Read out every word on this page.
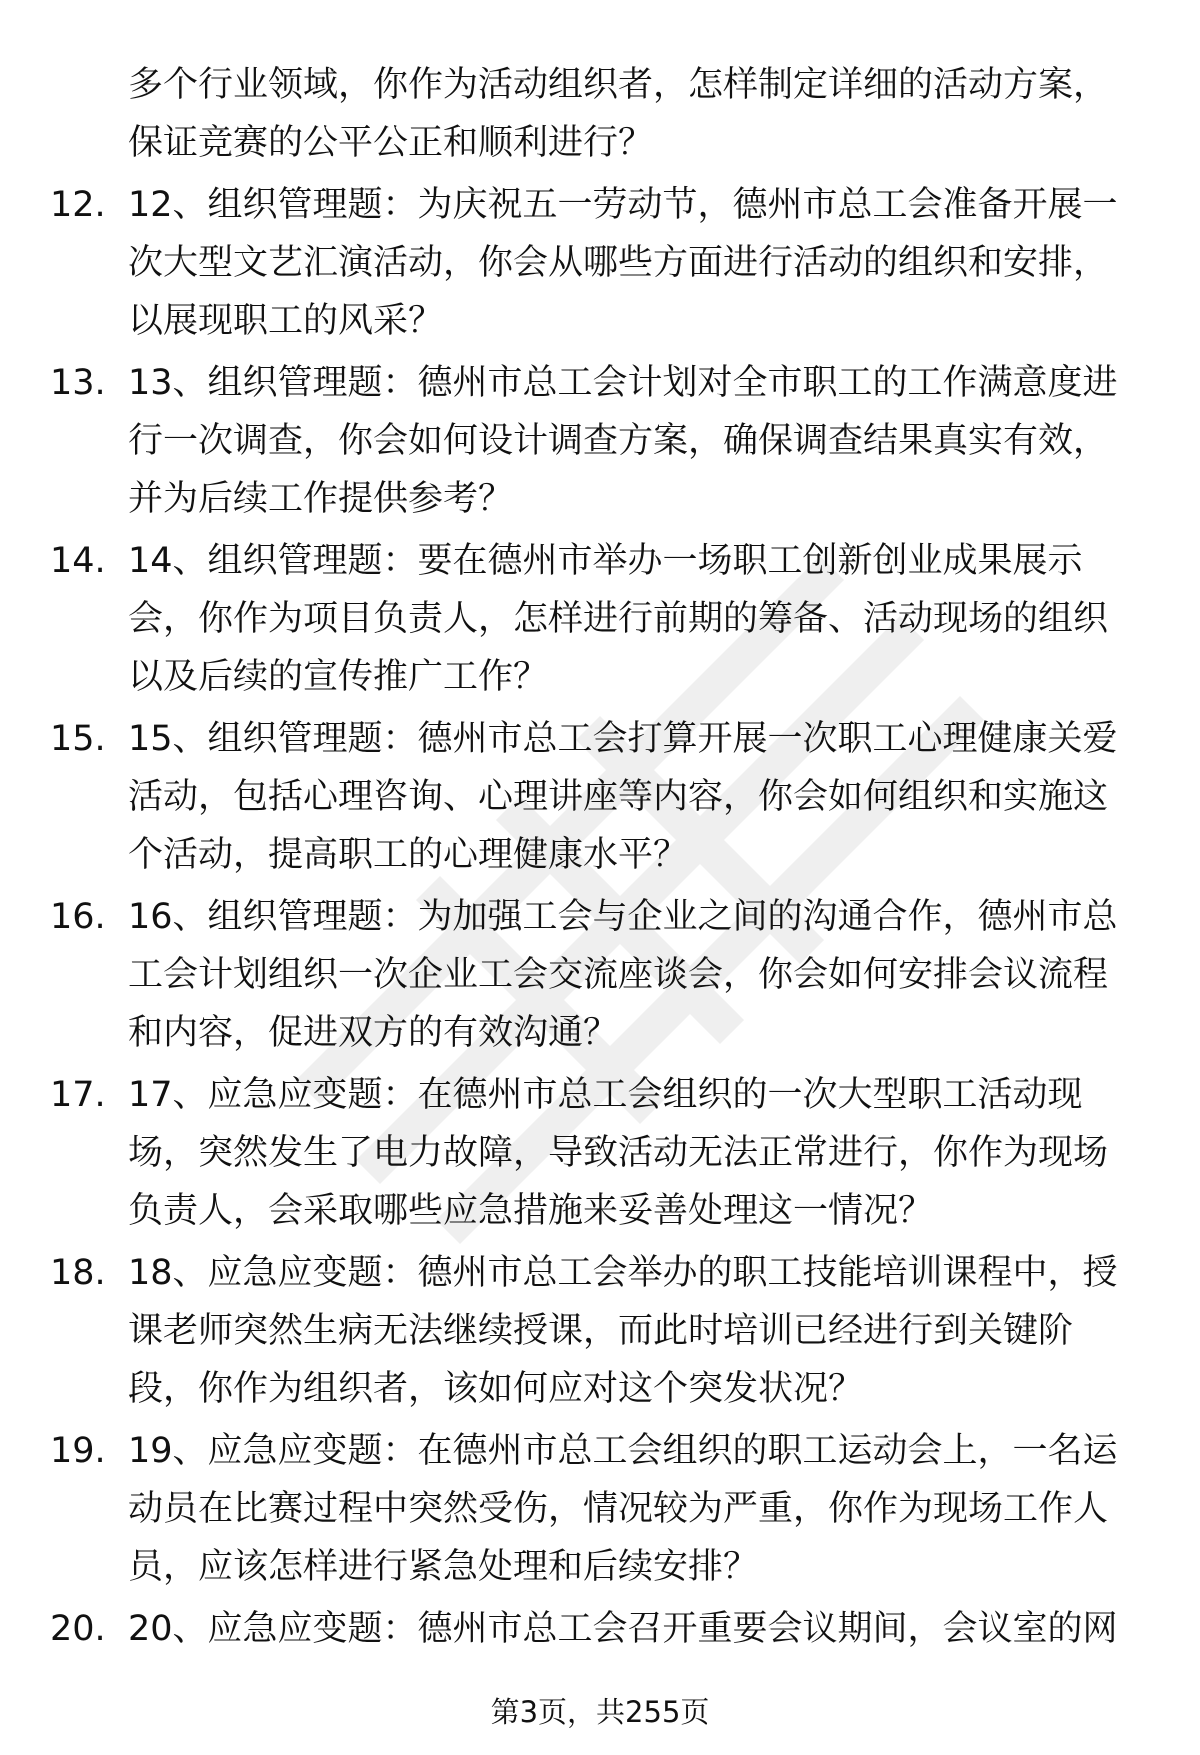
多个行业领域，你作为活动组织者，怎样制定详细的活动方案，
保证竞赛的公平公正和顺利进行？
12. 12、组织管理题：为庆祝五一劳动节，德州市总工会准备开展一
次大型文艺汇演活动，你会从哪些方面进行活动的组织和安排，
以展现职工的风采？
13. 13、组织管理题：德州市总工会计划对全市职工的工作满意度进
行一次调查，你会如何设计调查方案，确保调查结果真实有效，
并为后续工作提供参考？
14. 14、组织管理题：要在德州市举办一场职工创新创业成果展示
会，你作为项目负责人，怎样进行前期的筹备、活动现场的组织
以及后续的宣传推广工作？
15. 15、组织管理题：德州市总工会打算开展一次职工心理健康关爱
活动，包括心理咨询、心理讲座等内容，你会如何组织和实施这
个活动，提高职工的心理健康水平？
16. 16、组织管理题：为加强工会与企业之间的沟通合作，德州市总
工会计划组织一次企业工会交流座谈会，你会如何安排会议流程
和内容，促进双方的有效沟通？
17. 17、应急应变题：在德州市总工会组织的一次大型职工活动现
场，突然发生了电力故障，导致活动无法正常进行，你作为现场
负责人，会采取哪些应急措施来妥善处理这一情况？
18. 18、应急应变题：德州市总工会举办的职工技能培训课程中，授
课老师突然生病无法继续授课，而此时培训已经进行到关键阶
段，你作为组织者，该如何应对这个突发状况？
19. 19、应急应变题：在德州市总工会组织的职工运动会上，一名运
动员在比赛过程中突然受伤，情况较为严重，你作为现场工作人
员，应该怎样进行紧急处理和后续安排？
20. 20、应急应变题：德州市总工会召开重要会议期间，会议室的网
第3页，共255页
